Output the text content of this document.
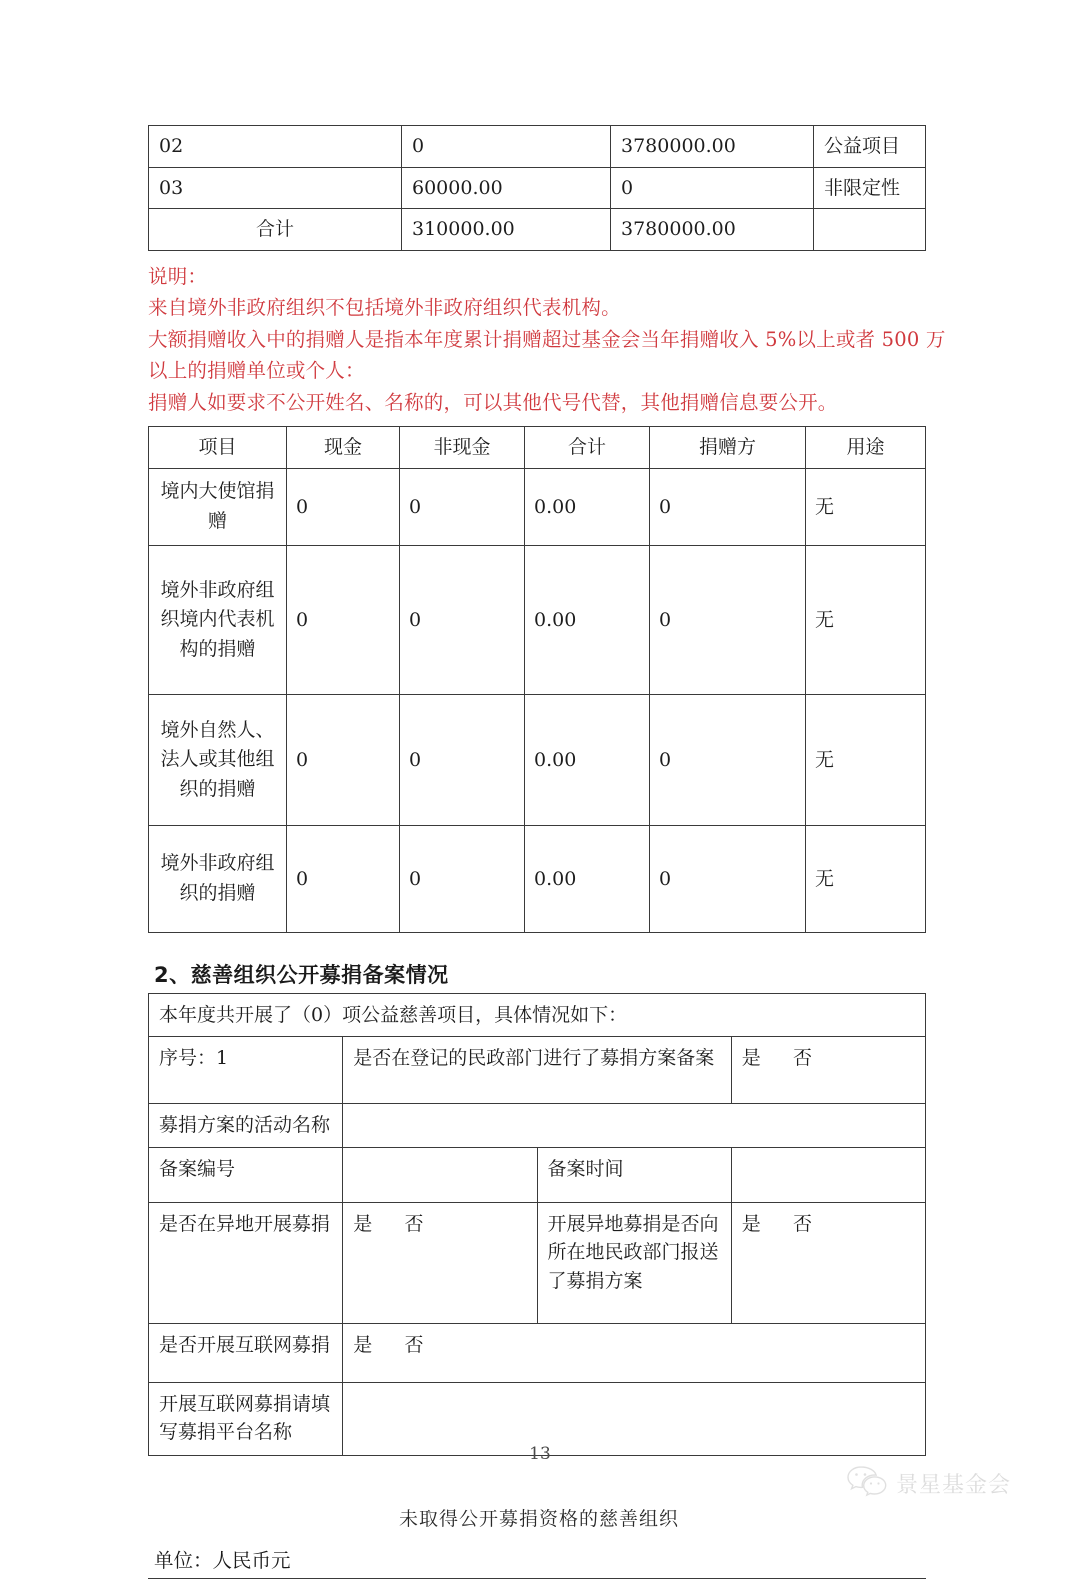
02	0	3780000.00	公益项目
03	60000.00	0	非限定性
合计	310000.00	3780000.00	
说明：
来自境外非政府组织不包括境外非政府组织代表机构。
大额捐赠收入中的捐赠人是指本年度累计捐赠超过基金会当年捐赠收入 5%以上或者 500 万
以上的捐赠单位或个人：
捐赠人如要求不公开姓名、名称的，可以其他代号代替，其他捐赠信息要公开。
项目	现金	非现金	合计	捐赠方	用途
境内大使馆捐赠	0	0	0.00	0	无
境外非政府组织境内代表机构的捐赠	0	0	0.00	0	无
境外自然人、法人或其他组织的捐赠	0	0	0.00	0	无
境外非政府组织的捐赠	0	0	0.00	0	无
2、慈善组织公开募捐备案情况
本年度共开展了（0）项公益慈善项目，具体情况如下：			
序号：1	是否在登记的民政部门进行了募捐方案备案		是　否
募捐方案的活动名称			
备案编号		备案时间	
是否在异地开展募捐	是　否	开展异地募捐是否向所在地民政部门报送了募捐方案	是　否
是否开展互联网募捐	是　否		
开展互联网募捐请填写募捐平台名称			
未取得公开募捐资格的慈善组织
单位：人民币元
13
景星基金会
